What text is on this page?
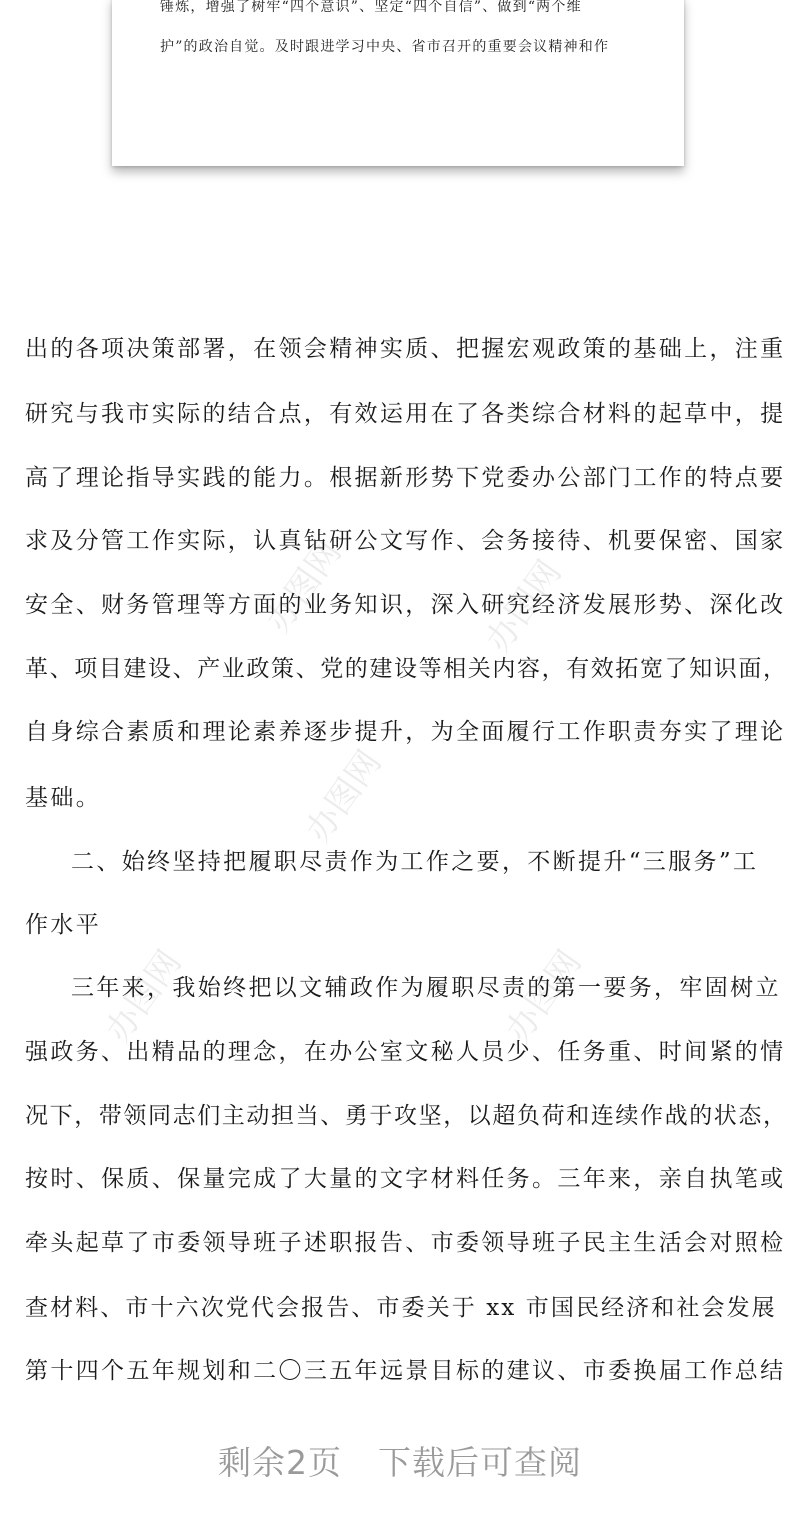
锤炼，增强了树牢“四个意识”、坚定“四个自信”、做到“两个维
护”的政治自觉。及时跟进学习中央、省市召开的重要会议精神和作
办图网	办图网
办图网
办图网	办图网
出的各项决策部署，在领会精神实质、把握宏观政策的基础上，注重
研究与我市实际的结合点，有效运用在了各类综合材料的起草中，提
高了理论指导实践的能力。根据新形势下党委办公部门工作的特点要
求及分管工作实际，认真钻研公文写作、会务接待、机要保密、国家
安全、财务管理等方面的业务知识，深入研究经济发展形势、深化改
革、项目建设、产业政策、党的建设等相关内容，有效拓宽了知识面，
自身综合素质和理论素养逐步提升，为全面履行工作职责夯实了理论
基础。
二、始终坚持把履职尽责作为工作之要，不断提升“三服务”工
作水平
三年来，我始终把以文辅政作为履职尽责的第一要务，牢固树立
强政务、出精品的理念，在办公室文秘人员少、任务重、时间紧的情
况下，带领同志们主动担当、勇于攻坚，以超负荷和连续作战的状态，
按时、保质、保量完成了大量的文字材料任务。三年来，亲自执笔或
牵头起草了市委领导班子述职报告、市委领导班子民主生活会对照检
查材料、市十六次党代会报告、市委关于 xx 市国民经济和社会发展
第十四个五年规划和二〇三五年远景目标的建议、市委换届工作总结
剩余2页 下载后可查阅
